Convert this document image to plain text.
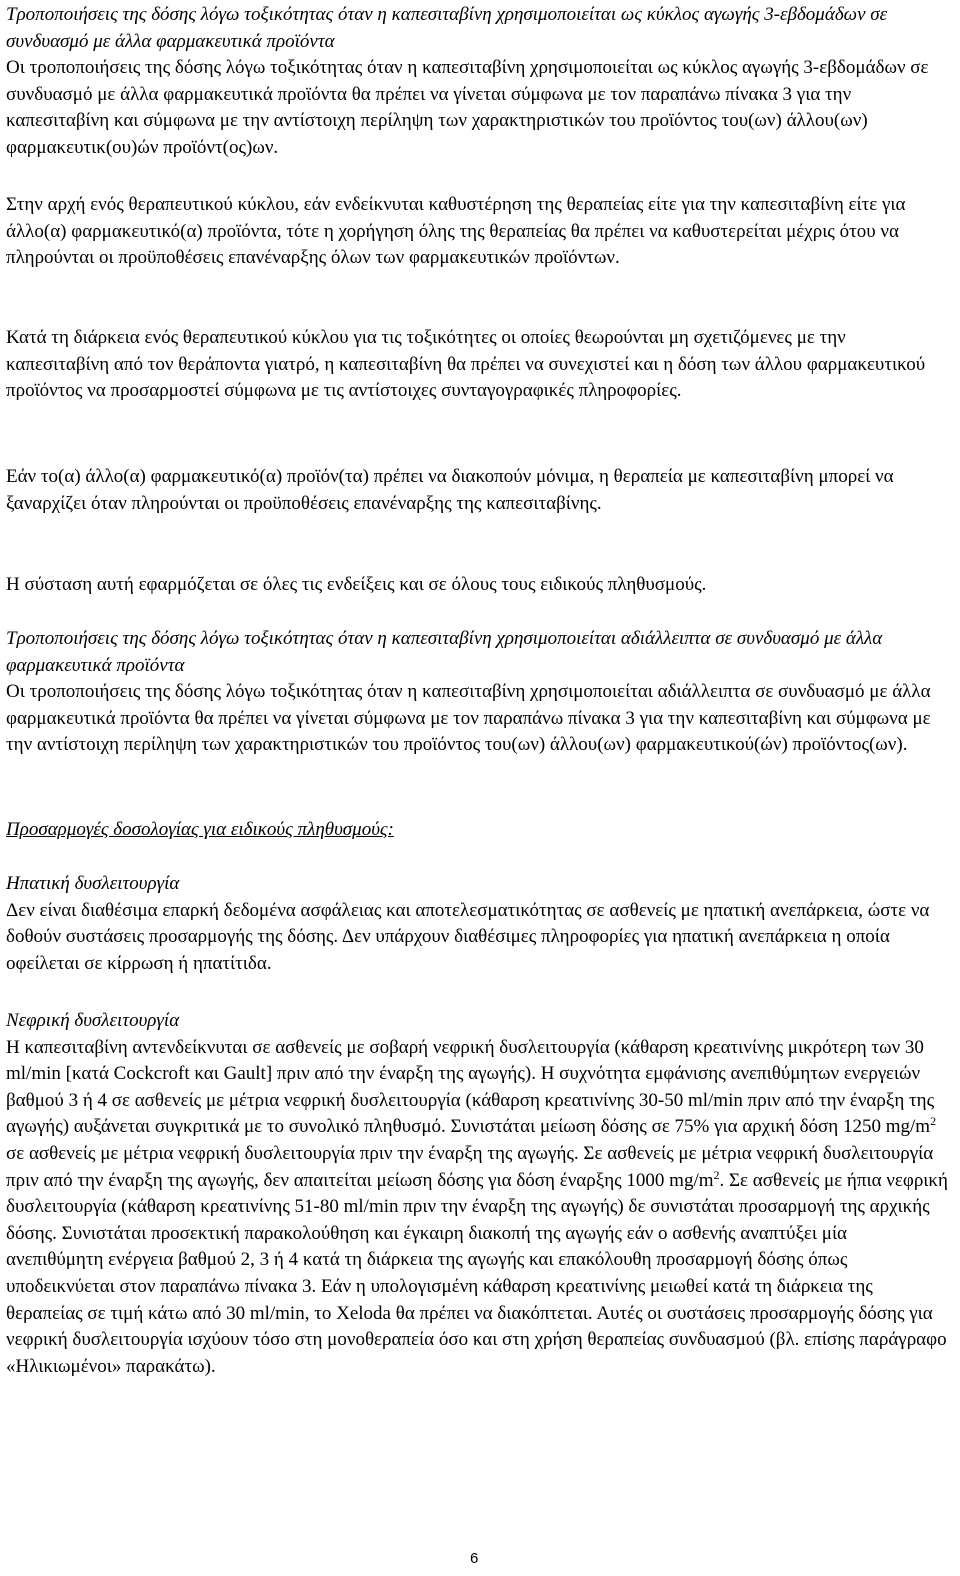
Τροποποιήσεις της δόσης λόγω τοξικότητας όταν η καπεσιταβίνη χρησιμοποιείται ως κύκλος αγωγής 3-εβδομάδων σε συνδυασμό με άλλα φαρμακευτικά προϊόντα

Οι τροποποιήσεις της δόσης λόγω τοξικότητας όταν η καπεσιταβίνη χρησιμοποιείται ως κύκλος αγωγής 3-εβδομάδων σε συνδυασμό με άλλα φαρμακευτικά προϊόντα θα πρέπει να γίνεται σύμφωνα με τον παραπάνω πίνακα 3 για την καπεσιταβίνη και σύμφωνα με την αντίστοιχη περίληψη των χαρακτηριστικών του προϊόντος του(ων) άλλου(ων) φαρμακευτικ(ου)ών προϊόντ(ος)ων.

Στην αρχή ενός θεραπευτικού κύκλου, εάν ενδείκνυται καθυστέρηση της θεραπείας είτε για την καπεσιταβίνη είτε για άλλο(α) φαρμακευτικό(α) προϊόντα, τότε η χορήγηση όλης της θεραπείας θα πρέπει να καθυστερείται μέχρις ότου να πληρούνται οι προϋποθέσεις επανέναρξης όλων των φαρμακευτικών προϊόντων.

Κατά τη διάρκεια ενός θεραπευτικού κύκλου για τις τοξικότητες οι οποίες θεωρούνται μη σχετιζόμενες με την καπεσιταβίνη από τον θεράποντα γιατρό, η καπεσιταβίνη θα πρέπει να συνεχιστεί και η δόση των άλλου φαρμακευτικού προϊόντος να προσαρμοστεί σύμφωνα με τις αντίστοιχες συνταγογραφικές πληροφορίες.

Εάν το(α) άλλο(α) φαρμακευτικό(α) προϊόν(τα) πρέπει να διακοπούν μόνιμα, η θεραπεία με καπεσιταβίνη μπορεί να ξαναρχίζει όταν πληρούνται οι προϋποθέσεις επανέναρξης της καπεσιταβίνης.

Η σύσταση αυτή εφαρμόζεται σε όλες τις ενδείξεις και σε όλους τους ειδικούς πληθυσμούς.

Τροποποιήσεις της δόσης λόγω τοξικότητας όταν η καπεσιταβίνη χρησιμοποιείται αδιάλλειπτα σε συνδυασμό με άλλα φαρμακευτικά προϊόντα

Οι τροποποιήσεις της δόσης λόγω τοξικότητας όταν η καπεσιταβίνη χρησιμοποιείται αδιάλλειπτα σε συνδυασμό με άλλα φαρμακευτικά προϊόντα θα πρέπει να γίνεται σύμφωνα με τον παραπάνω πίνακα 3 για την καπεσιταβίνη και σύμφωνα με την αντίστοιχη περίληψη των χαρακτηριστικών του προϊόντος του(ων) άλλου(ων) φαρμακευτικού(ών) προϊόντος(ων).

Προσαρμογές δοσολογίας για ειδικούς πληθυσμούς:
Ηπατική δυσλειτουργία

Δεν είναι διαθέσιμα επαρκή δεδομένα ασφάλειας και αποτελεσματικότητας σε ασθενείς με ηπατική ανεπάρκεια, ώστε να δοθούν συστάσεις προσαρμογής της δόσης. Δεν υπάρχουν διαθέσιμες πληροφορίες για ηπατική ανεπάρκεια η οποία οφείλεται σε κίρρωση ή ηπατίτιδα.

Νεφρική δυσλειτουργία

Η καπεσιταβίνη αντενδείκνυται σε ασθενείς με σοβαρή νεφρική δυσλειτουργία (κάθαρση κρεατινίνης μικρότερη των 30 ml/min [κατά Cockcroft και Gault] πριν από την έναρξη της αγωγής). Η συχνότητα εμφάνισης ανεπιθύμητων ενεργειών βαθμού 3 ή 4 σε ασθενείς με μέτρια νεφρική δυσλειτουργία (κάθαρση κρεατινίνης 30-50 ml/min πριν από την έναρξη της αγωγής) αυξάνεται συγκριτικά με το συνολικό πληθυσμό. Συνιστάται μείωση δόσης σε 75% για αρχική δόση 1250 $mg/m^2$ σε ασθενείς με μέτρια νεφρική δυσλειτουργία πριν την έναρξη της αγωγής. Σε ασθενείς με μέτρια νεφρική δυσλειτουργία πριν από την έναρξη της αγωγής, δεν απαιτείται μείωση δόσης για δόση έναρξης 1000 $mg/m^2$. Σε ασθενείς με ήπια νεφρική δυσλειτουργία (κάθαρση κρεατινίνης 51-80 ml/min πριν την έναρξη της αγωγής) δε συνιστάται προσαρμογή της αρχικής δόσης. Συνιστάται προσεκτική παρακολούθηση και έγκαιρη διακοπή της αγωγής εάν ο ασθενής αναπτύξει μία ανεπιθύμητη ενέργεια βαθμού 2, 3 ή 4 κατά τη διάρκεια της αγωγής και επακόλουθη προσαρμογή δόσης όπως υποδεικνύεται στον παραπάνω πίνακα 3. Εάν η υπολογισμένη κάθαρση κρεατινίνης μειωθεί κατά τη διάρκεια της θεραπείας σε τιμή κάτω από 30 ml/min, το Xeloda θα πρέπει να διακόπτεται. Αυτές οι συστάσεις προσαρμογής δόσης για νεφρική δυσλειτουργία ισχύουν τόσο στη μονοθεραπεία όσο και στη χρήση θεραπείας συνδυασμού (βλ. επίσης παράγραφο «Ηλικιωμένοι» παρακάτω).

6
